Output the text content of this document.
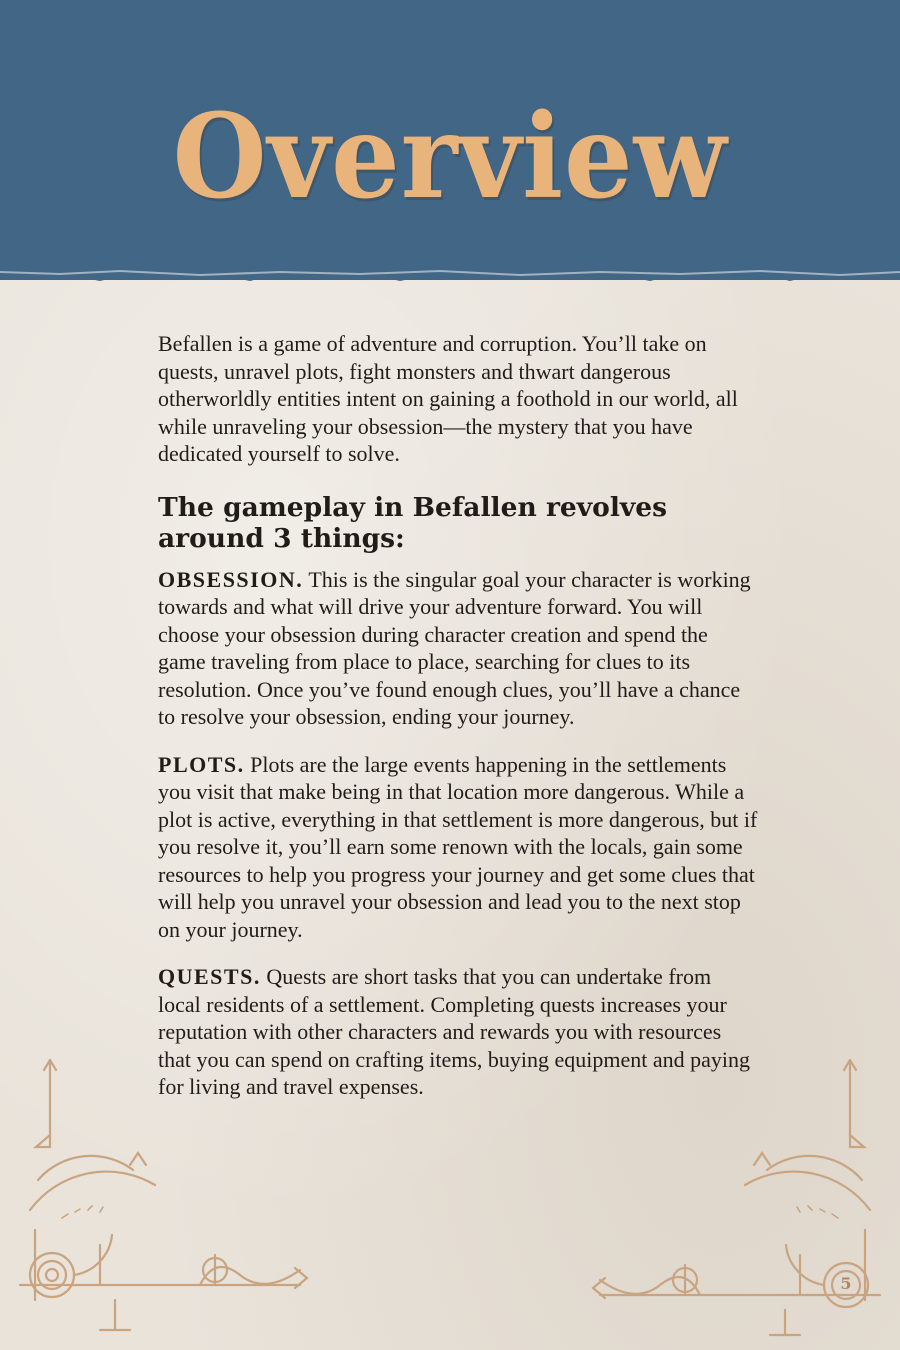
Overview

Befallen is a game of adventure and corruption. You’ll take on quests, unravel plots, fight monsters and thwart dangerous otherworldly entities intent on gaining a foothold in our world, all while unraveling your obsession—the mystery that you have dedicated yourself to solve.

The gameplay in Befallen revolves around 3 things:

OBSESSION. This is the singular goal your character is working towards and what will drive your adventure forward. You will choose your obsession during character creation and spend the game traveling from place to place, searching for clues to its resolution. Once you’ve found enough clues, you’ll have a chance to resolve your obsession, ending your journey.

PLOTS. Plots are the large events happening in the settlements you visit that make being in that location more dangerous. While a plot is active, everything in that settlement is more dangerous, but if you resolve it, you’ll earn some renown with the locals, gain some resources to help you progress your journey and get some clues that will help you unravel your obsession and lead you to the next stop on your journey.

QUESTS. Quests are short tasks that you can undertake from local residents of a settlement. Completing quests increases your reputation with other characters and rewards you with resources that you can spend on crafting items, buying equipment and paying for living and travel expenses.

5
